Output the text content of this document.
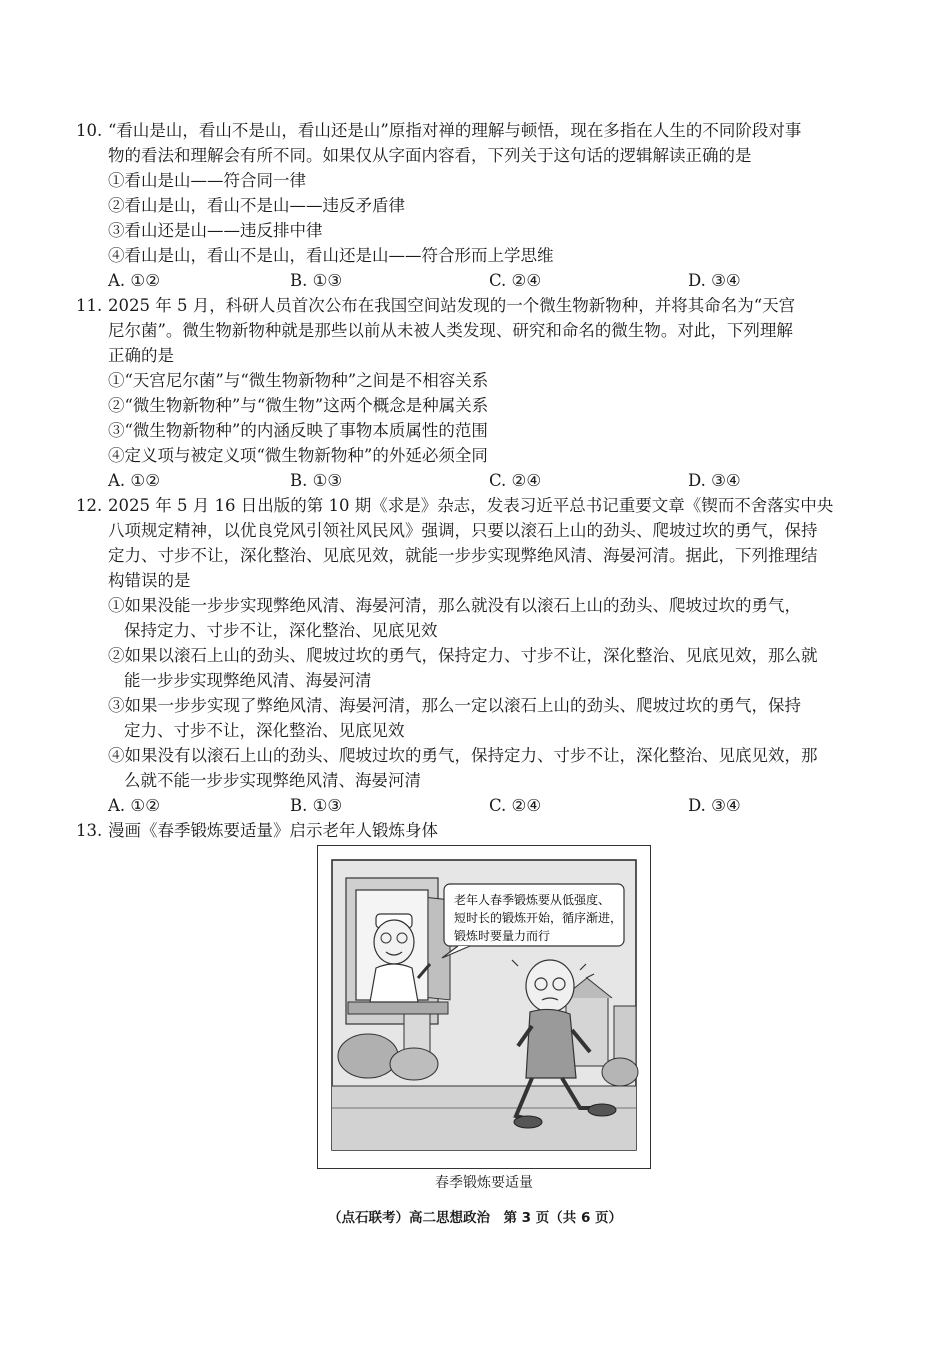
10. “看山是山，看山不是山，看山还是山”原指对禅的理解与顿悟，现在多指在人生的不同阶段对事
物的看法和理解会有所不同。如果仅从字面内容看，下列关于这句话的逻辑解读正确的是
①看山是山——符合同一律
②看山是山，看山不是山——违反矛盾律
③看山还是山——违反排中律
④看山是山，看山不是山，看山还是山——符合形而上学思维
A. ①②	B. ①③	C. ②④	D. ③④
11. 2025 年 5 月，科研人员首次公布在我国空间站发现的一个微生物新物种，并将其命名为“天宫
尼尔菌”。微生物新物种就是那些以前从未被人类发现、研究和命名的微生物。对此，下列理解
正确的是
①“天宫尼尔菌”与“微生物新物种”之间是不相容关系
②“微生物新物种”与“微生物”这两个概念是种属关系
③“微生物新物种”的内涵反映了事物本质属性的范围
④定义项与被定义项“微生物新物种”的外延必须全同
A. ①②	B. ①③	C. ②④	D. ③④
12. 2025 年 5 月 16 日出版的第 10 期《求是》杂志，发表习近平总书记重要文章《锲而不舍落实中央
八项规定精神，以优良党风引领社风民风》强调，只要以滚石上山的劲头、爬坡过坎的勇气，保持
定力、寸步不让，深化整治、见底见效，就能一步步实现弊绝风清、海晏河清。据此，下列推理结
构错误的是
①如果没能一步步实现弊绝风清、海晏河清，那么就没有以滚石上山的劲头、爬坡过坎的勇气，
保持定力、寸步不让，深化整治、见底见效
②如果以滚石上山的劲头、爬坡过坎的勇气，保持定力、寸步不让，深化整治、见底见效，那么就
能一步步实现弊绝风清、海晏河清
③如果一步步实现了弊绝风清、海晏河清，那么一定以滚石上山的劲头、爬坡过坎的勇气，保持
定力、寸步不让，深化整治、见底见效
④如果没有以滚石上山的劲头、爬坡过坎的勇气，保持定力、寸步不让，深化整治、见底见效，那
么就不能一步步实现弊绝风清、海晏河清
A. ①②	B. ①③	C. ②④	D. ③④
13. 漫画《春季锻炼要适量》启示老年人锻炼身体
老年人春季锻炼要从低强度、
短时长的锻炼开始，循序渐进，
锻炼时要量力而行
春季锻炼要适量
（点石联考）高二思想政治　第 3 页（共 6 页）
